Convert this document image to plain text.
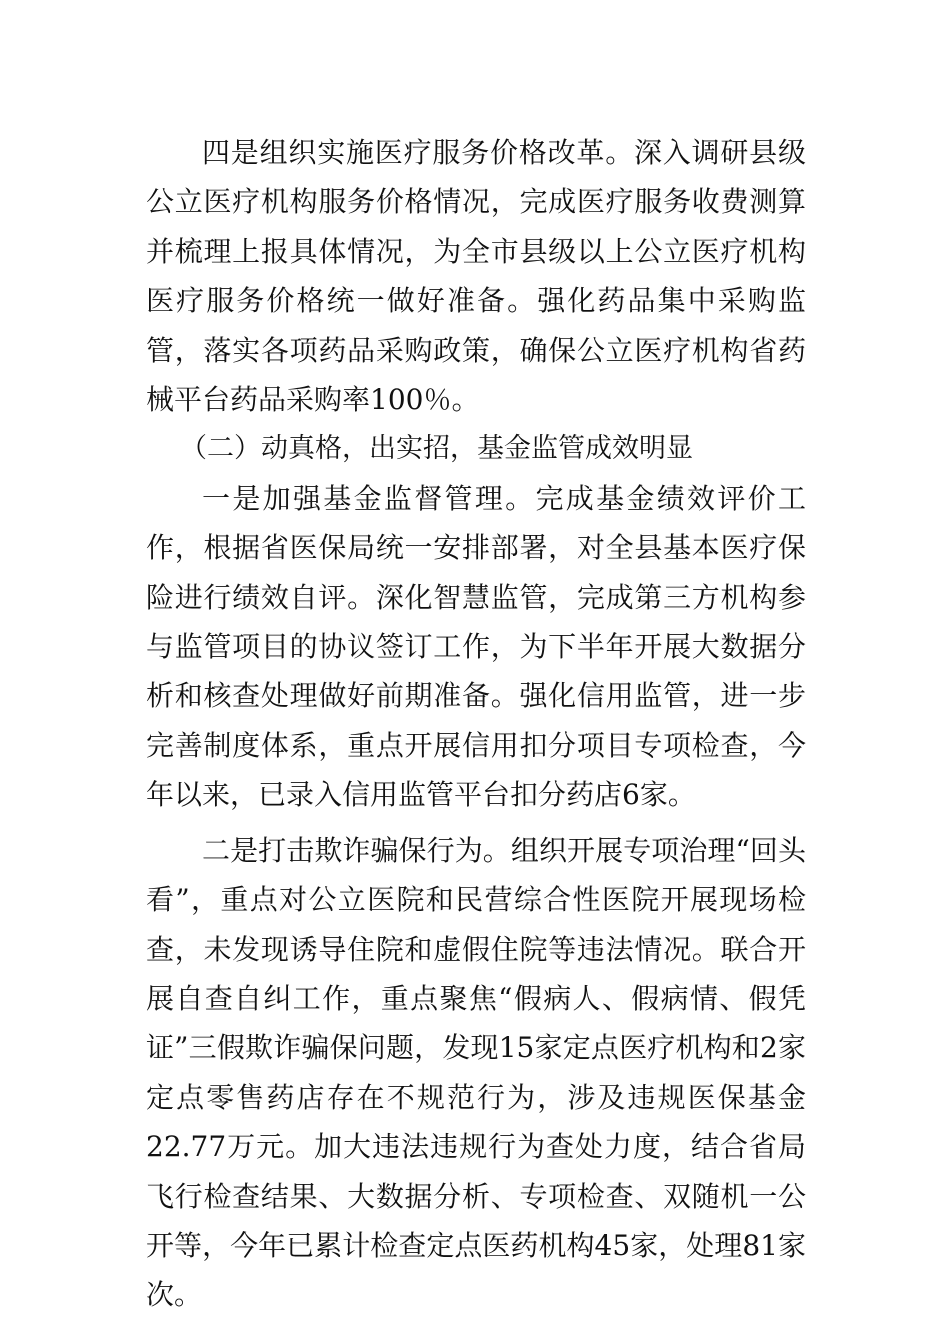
四是组织实施医疗服务价格改革。深入调研县级公立医疗机构服务价格情况，完成医疗服务收费测算并梳理上报具体情况，为全市县级以上公立医疗机构医疗服务价格统一做好准备。强化药品集中采购监管，落实各项药品采购政策，确保公立医疗机构省药械平台药品采购率100％。

（二）动真格，出实招，基金监管成效明显

一是加强基金监督管理。完成基金绩效评价工作，根据省医保局统一安排部署，对全县基本医疗保险进行绩效自评。深化智慧监管，完成第三方机构参与监管项目的协议签订工作，为下半年开展大数据分析和核查处理做好前期准备。强化信用监管，进一步完善制度体系，重点开展信用扣分项目专项检查，今年以来，已录入信用监管平台扣分药店6家。

二是打击欺诈骗保行为。组织开展专项治理“回头看”，重点对公立医院和民营综合性医院开展现场检查，未发现诱导住院和虚假住院等违法情况。联合开展自查自纠工作，重点聚焦“假病人、假病情、假凭证”三假欺诈骗保问题，发现15家定点医疗机构和2家定点零售药店存在不规范行为，涉及违规医保基金22.77万元。加大违法违规行为查处力度，结合省局飞行检查结果、大数据分析、专项检查、双随机一公开等，今年已累计检查定点医药机构45家，处理81家次。
